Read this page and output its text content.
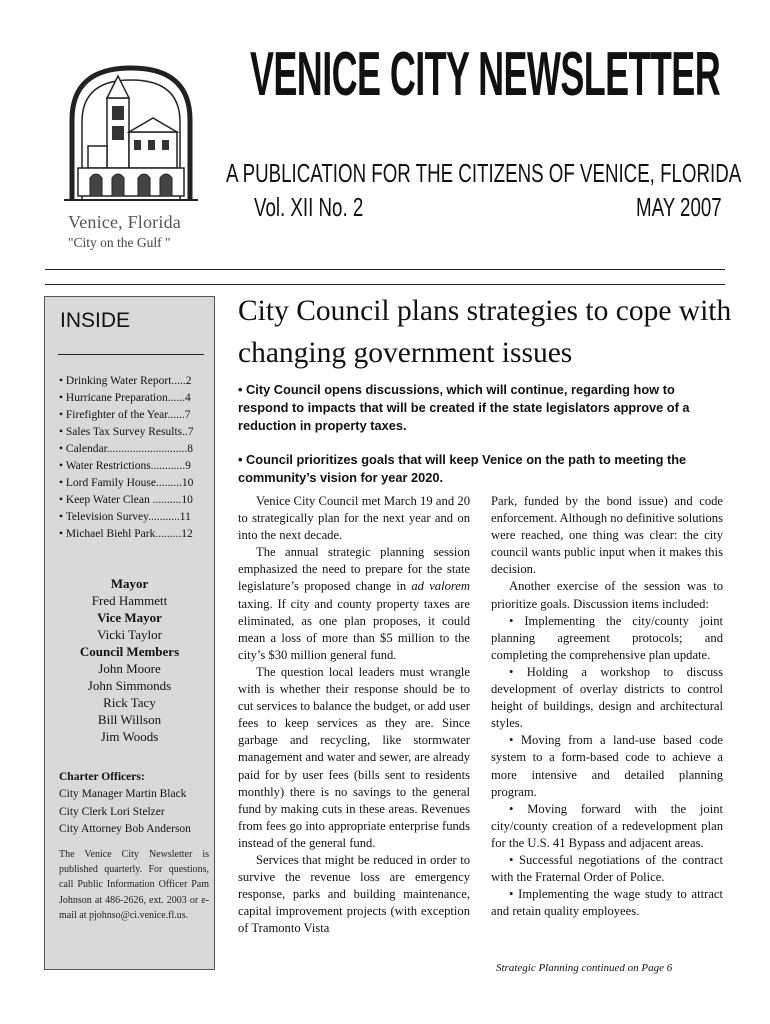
Venice, Florida
"City on the Gulf "
VENICE CITY NEWSLETTER
A PUBLICATION FOR THE CITIZENS OF VENICE, FLORIDA
Vol. XII No. 2	MAY 2007
INSIDE
• Drinking Water Report.....2
• Hurricane Preparation......4
• Firefighter of the Year......7
• Sales Tax Survey Results..7
• Calendar............................8
• Water Restrictions............9
• Lord Family House.........10
• Keep Water Clean ..........10
• Television Survey...........11
• Michael Biehl Park.........12
Mayor
Fred Hammett
Vice Mayor
Vicki Taylor
Council Members
John Moore
John Simmonds
Rick Tacy
Bill Willson
Jim Woods
Charter Officers:
City Manager Martin Black
City Clerk Lori Stelzer
City Attorney Bob Anderson
The Venice City Newsletter is published quarterly. For questions, call Public Information Officer Pam Johnson at 486-2626, ext. 2003 or e-mail at pjohnso@ci.venice.fl.us.
City Council plans strategies to cope with changing government issues
• City Council opens discussions, which will continue, regarding how to respond to impacts that will be created if the state legislators approve of a reduction in property taxes.
• Council prioritizes goals that will keep Venice on the path to meeting the community’s vision for year 2020.

Venice City Council met March 19 and 20 to strategically plan for the next year and on into the next decade.

The annual strategic planning session emphasized the need to prepare for the state legislature’s proposed change in ad valorem taxing. If city and county property taxes are eliminated, as one plan proposes, it could mean a loss of more than $5 million to the city’s $30 million general fund.

The question local leaders must wrangle with is whether their response should be to cut services to balance the budget, or add user fees to keep services as they are. Since garbage and recycling, like stormwater management and water and sewer, are already paid for by user fees (bills sent to residents monthly) there is no savings to the general fund by making cuts in these areas. Revenues from fees go into appropriate enterprise funds instead of the general fund.

Services that might be reduced in order to survive the revenue loss are emergency response, parks and building maintenance, capital improvement projects (with exception of Tramonto Vista

Park, funded by the bond issue) and code enforcement. Although no definitive solutions were reached, one thing was clear: the city council wants public input when it makes this decision.

Another exercise of the session was to prioritize goals. Discussion items included:

• Implementing the city/county joint planning agreement protocols; and completing the comprehensive plan update.

• Holding a workshop to discuss development of overlay districts to control height of buildings, design and architectural styles.

• Moving from a land-use based code system to a form-based code to achieve a more intensive and detailed planning program.

• Moving forward with the joint city/county creation of a redevelopment plan for the U.S. 41 Bypass and adjacent areas.

• Successful negotiations of the contract with the Fraternal Order of Police.

• Implementing the wage study to attract and retain quality employees.

Strategic Planning continued on Page 6
